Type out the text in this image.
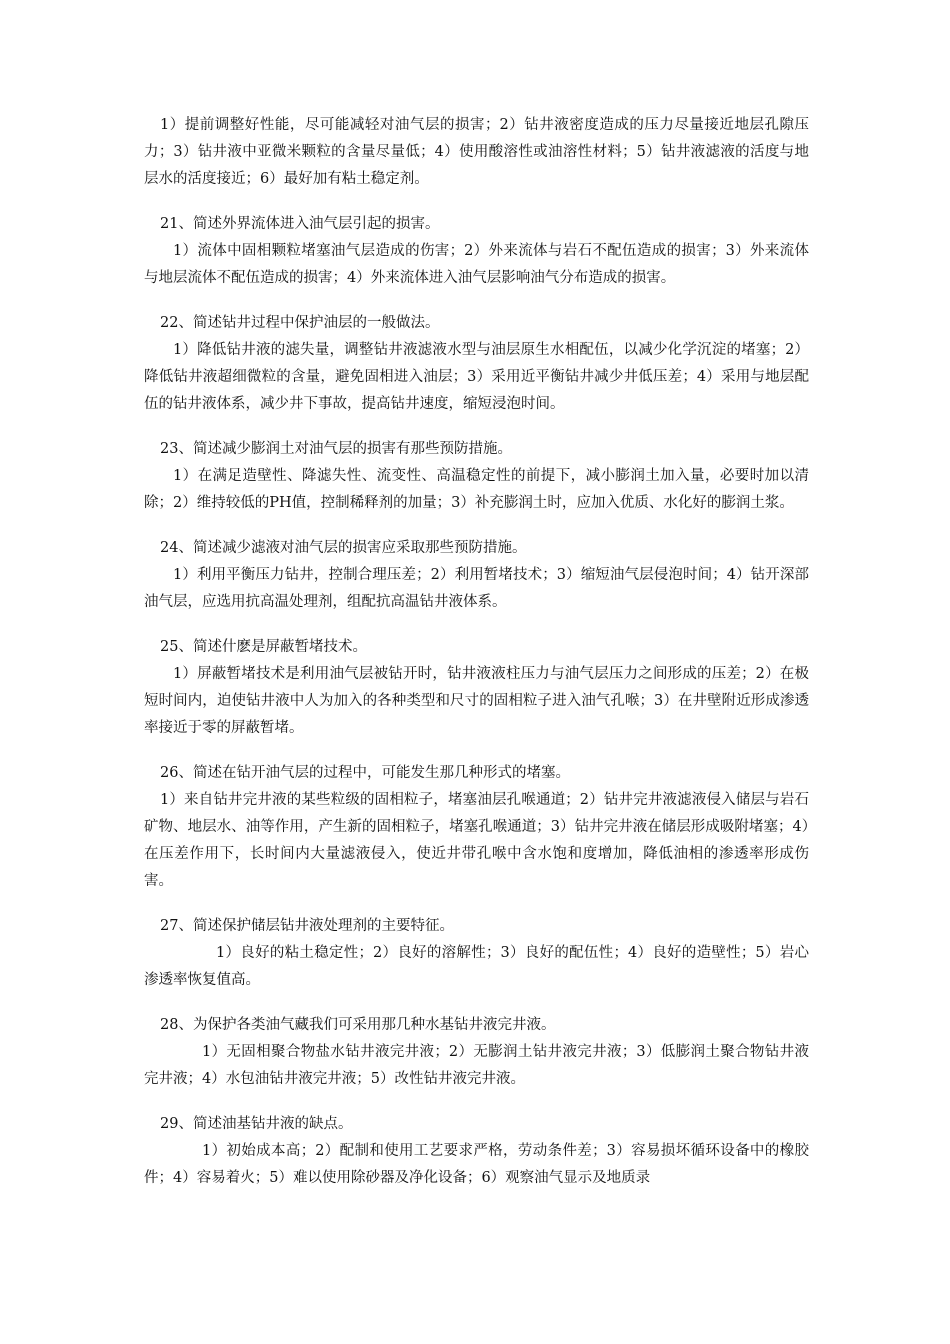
1）提前调整好性能，尽可能减轻对油气层的损害；2）钻井液密度造成的压力尽量接近地层孔隙压力；3）钻井液中亚微米颗粒的含量尽量低；4）使用酸溶性或油溶性材料；5）钻井液滤液的活度与地层水的活度接近；6）最好加有粘土稳定剂。

21、简述外界流体进入油气层引起的损害。

1）流体中固相颗粒堵塞油气层造成的伤害；2）外来流体与岩石不配伍造成的损害；3）外来流体与地层流体不配伍造成的损害；4）外来流体进入油气层影响油气分布造成的损害。

22、简述钻井过程中保护油层的一般做法。

1）降低钻井液的滤失量，调整钻井液滤液水型与油层原生水相配伍，以减少化学沉淀的堵塞；2）降低钻井液超细微粒的含量，避免固相进入油层；3）采用近平衡钻井减少井低压差；4）采用与地层配伍的钻井液体系，减少井下事故，提高钻井速度，缩短浸泡时间。

23、简述减少膨润土对油气层的损害有那些预防措施。

1）在满足造壁性、降滤失性、流变性、高温稳定性的前提下，减小膨润土加入量，必要时加以清除；2）维持较低的PH值，控制稀释剂的加量；3）补充膨润土时，应加入优质、水化好的膨润土浆。

24、简述减少滤液对油气层的损害应采取那些预防措施。

1）利用平衡压力钻井，控制合理压差；2）利用暂堵技术；3）缩短油气层侵泡时间；4）钻开深部油气层，应选用抗高温处理剂，组配抗高温钻井液体系。

25、简述什麽是屏蔽暂堵技术。

1）屏蔽暂堵技术是利用油气层被钻开时，钻井液液柱压力与油气层压力之间形成的压差；2）在极短时间内，迫使钻井液中人为加入的各种类型和尺寸的固相粒子进入油气孔喉；3）在井壁附近形成渗透率接近于零的屏蔽暂堵。

26、简述在钻开油气层的过程中，可能发生那几种形式的堵塞。

1）来自钻井完井液的某些粒级的固相粒子，堵塞油层孔喉通道；2）钻井完井液滤液侵入储层与岩石矿物、地层水、油等作用，产生新的固相粒子，堵塞孔喉通道；3）钻井完井液在储层形成吸附堵塞；4）在压差作用下，长时间内大量滤液侵入，使近井带孔喉中含水饱和度增加，降低油相的渗透率形成伤害。

27、简述保护储层钻井液处理剂的主要特征。

1）良好的粘土稳定性；2）良好的溶解性；3）良好的配伍性；4）良好的造壁性；5）岩心渗透率恢复值高。

28、为保护各类油气藏我们可采用那几种水基钻井液完井液。

1）无固相聚合物盐水钻井液完井液；2）无膨润土钻井液完井液；3）低膨润土聚合物钻井液完井液；4）水包油钻井液完井液；5）改性钻井液完井液。

29、简述油基钻井液的缺点。

1）初始成本高；2）配制和使用工艺要求严格，劳动条件差；3）容易损坏循环设备中的橡胶件；4）容易着火；5）难以使用除砂器及净化设备；6）观察油气显示及地质录
